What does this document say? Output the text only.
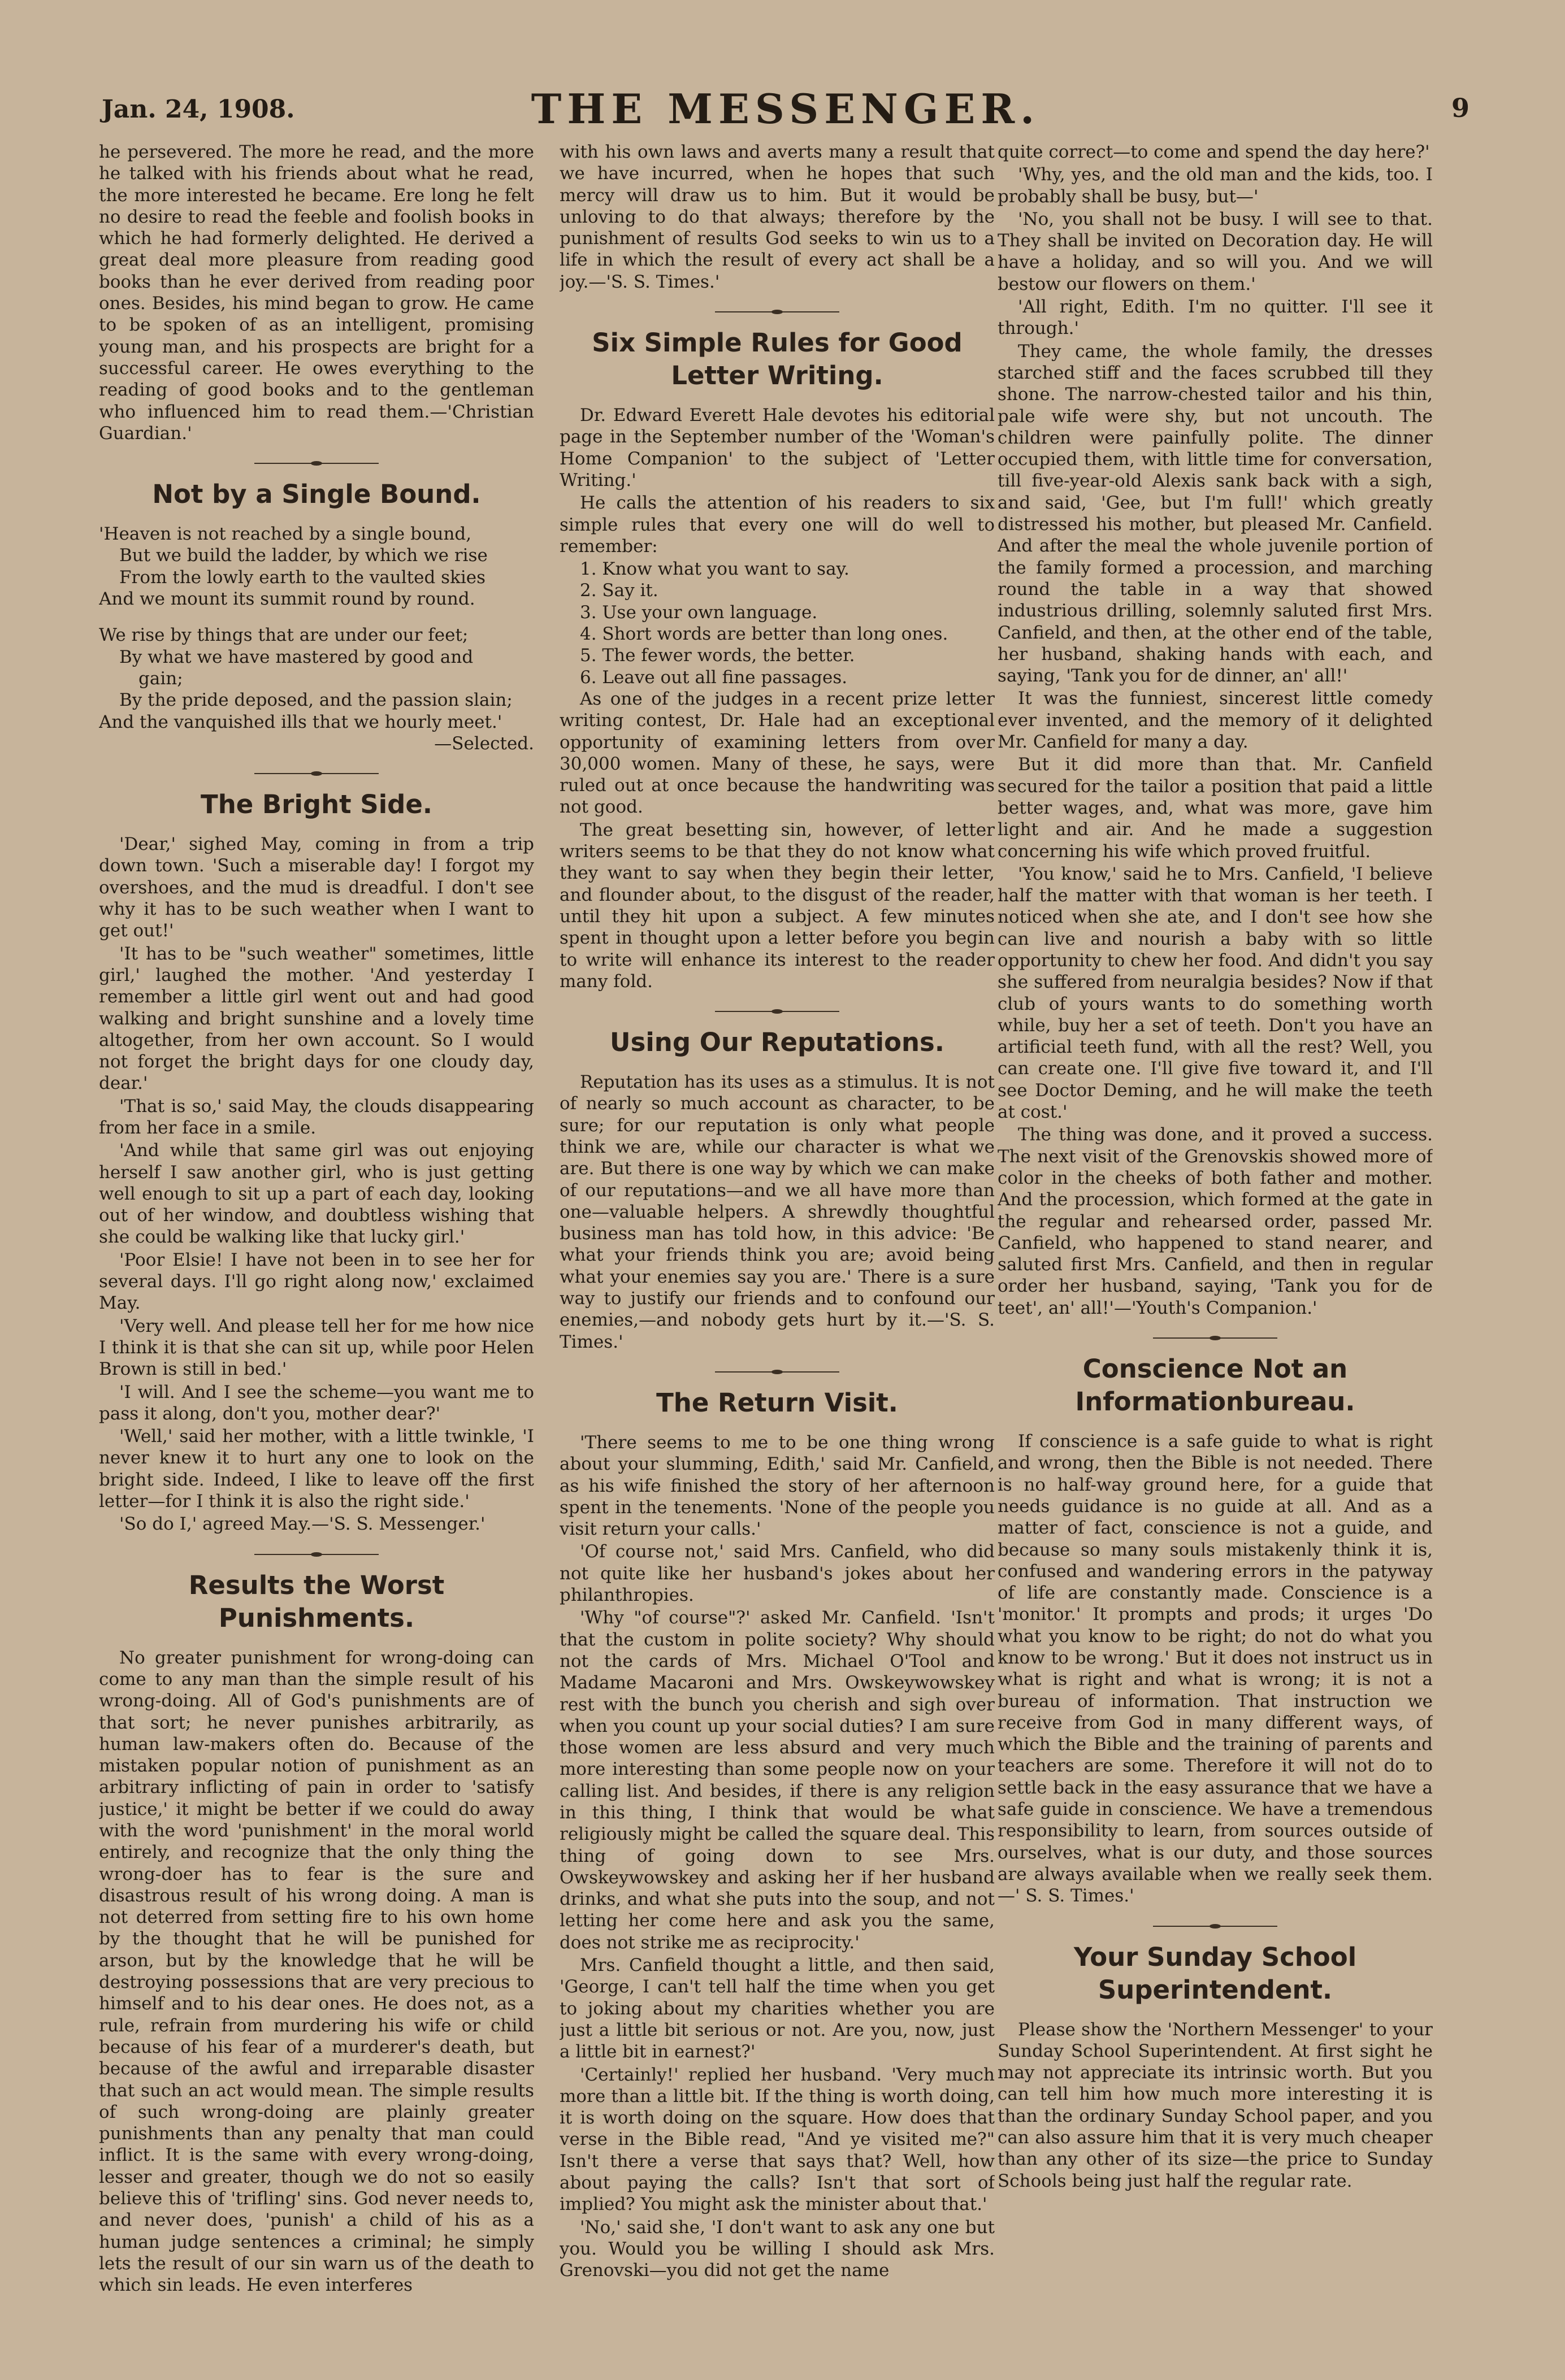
Jan. 24, 1908.	THE MESSENGER.	9

he persevered. The more he read, and the more he talked with his friends about what he read, the more interested he became. Ere long he felt no desire to read the feeble and foolish books in which he had formerly delighted. He derived a great deal more pleasure from reading good books than he ever derived from reading poor ones. Besides, his mind began to grow. He came to be spoken of as an intelligent, promising young man, and his prospects are bright for a successful career. He owes everything to the reading of good books and to the gentleman who influenced him to read them.—'Christian Guardian.'

Not by a Single Bound.
'Heaven is not reached by a single bound,
But we build the ladder, by which we rise
From the lowly earth to the vaulted skies
And we mount its summit round by round.
We rise by things that are under our feet;
By what we have mastered by good and
gain;
By the pride deposed, and the passion slain;
And the vanquished ills that we hourly meet.'
—Selected.
The Bright Side.

'Dear,' sighed May, coming in from a trip down town. 'Such a miserable day! I forgot my overshoes, and the mud is dreadful. I don't see why it has to be such weather when I want to get out!'

'It has to be "such weather" sometimes, little girl,' laughed the mother. 'And yesterday I remember a little girl went out and had good walking and bright sunshine and a lovely time altogether, from her own account. So I would not forget the bright days for one cloudy day, dear.'

'That is so,' said May, the clouds disappearing from her face in a smile.

'And while that same girl was out enjoying herself I saw another girl, who is just getting well enough to sit up a part of each day, looking out of her window, and doubtless wishing that she could be walking like that lucky girl.'

'Poor Elsie! I have not been in to see her for several days. I'll go right along now,' exclaimed May.

'Very well. And please tell her for me how nice I think it is that she can sit up, while poor Helen Brown is still in bed.'

'I will. And I see the scheme—you want me to pass it along, don't you, mother dear?'

'Well,' said her mother, with a little twinkle, 'I never knew it to hurt any one to look on the bright side. Indeed, I like to leave off the first letter—for I think it is also the right side.'

'So do I,' agreed May.—'S. S. Messenger.'

Results the Worst Punishments.

No greater punishment for wrong-doing can come to any man than the simple result of his wrong-doing. All of God's punishments are of that sort; he never punishes arbitrarily, as human law-makers often do. Because of the mistaken popular notion of punishment as an arbitrary inflicting of pain in order to 'satisfy justice,' it might be better if we could do away with the word 'punishment' in the moral world entirely, and recognize that the only thing the wrong-doer has to fear is the sure and disastrous result of his wrong doing. A man is not deterred from setting fire to his own home by the thought that he will be punished for arson, but by the knowledge that he will be destroying possessions that are very precious to himself and to his dear ones. He does not, as a rule, refrain from murdering his wife or child because of his fear of a murderer's death, but because of the awful and irreparable disaster that such an act would mean. The simple results of such wrong-doing are plainly greater punishments than any penalty that man could inflict. It is the same with every wrong-doing, lesser and greater, though we do not so easily believe this of 'trifling' sins. God never needs to, and never does, 'punish' a child of his as a human judge sentences a criminal; he simply lets the result of our sin warn us of the death to which sin leads. He even interferes

with his own laws and averts many a result that we have incurred, when he hopes that such mercy will draw us to him. But it would be unloving to do that always; therefore by the punishment of results God seeks to win us to a life in which the result of every act shall be a joy.—'S. S. Times.'

Six Simple Rules for Good Letter Writing.

Dr. Edward Everett Hale devotes his editorial page in the September number of the 'Woman's Home Companion' to the subject of 'Letter Writing.'

He calls the attention of his readers to six simple rules that every one will do well to remember:

1. Know what you want to say.
2. Say it.
3. Use your own language.
4. Short words are better than long ones.
5. The fewer words, the better.
6. Leave out all fine passages.

As one of the judges in a recent prize letter writing contest, Dr. Hale had an exceptional opportunity of examining letters from over 30,000 women. Many of these, he says, were ruled out at once because the handwriting was not good.

The great besetting sin, however, of letter writers seems to be that they do not know what they want to say when they begin their letter, and flounder about, to the disgust of the reader, until they hit upon a subject. A few minutes spent in thought upon a letter before you begin to write will enhance its interest to the reader many fold.

Using Our Reputations.

Reputation has its uses as a stimulus. It is not of nearly so much account as character, to be sure; for our reputation is only what people think we are, while our character is what we are. But there is one way by which we can make of our reputations—and we all have more than one—valuable helpers. A shrewdly thoughtful business man has told how, in this advice: 'Be what your friends think you are; avoid being what your enemies say you are.' There is a sure way to justify our friends and to confound our enemies,—and nobody gets hurt by it.—'S. S. Times.'

The Return Visit.

'There seems to me to be one thing wrong about your slumming, Edith,' said Mr. Canfield, as his wife finished the story of her afternoon spent in the tenements. 'None of the people you visit return your calls.'

'Of course not,' said Mrs. Canfield, who did not quite like her husband's jokes about her philanthropies.

'Why "of course"?' asked Mr. Canfield. 'Isn't that the custom in polite society? Why should not the cards of Mrs. Michael O'Tool and Madame Macaroni and Mrs. Owskeywowskey rest with the bunch you cherish and sigh over when you count up your social duties? I am sure those women are less absurd and very much more interesting than some people now on your calling list. And besides, if there is any religion in this thing, I think that would be what religiously might be called the square deal. This thing of going down to see Mrs. Owskeywowskey and asking her if her husband drinks, and what she puts into the soup, and not letting her come here and ask you the same, does not strike me as reciprocity.'

Mrs. Canfield thought a little, and then said, 'George, I can't tell half the time when you get to joking about my charities whether you are just a little bit serious or not. Are you, now, just a little bit in earnest?'

'Certainly!' replied her husband. 'Very much more than a little bit. If the thing is worth doing, it is worth doing on the square. How does that verse in the Bible read, "And ye visited me?" Isn't there a verse that says that? Well, how about paying the calls? Isn't that sort of implied? You might ask the minister about that.'

'No,' said she, 'I don't want to ask any one but you. Would you be willing I should ask Mrs. Grenovski—you did not get the name

quite correct—to come and spend the day here?'

'Why, yes, and the old man and the kids, too. I probably shall be busy, but—'

'No, you shall not be busy. I will see to that. They shall be invited on Decoration day. He will have a holiday, and so will you. And we will bestow our flowers on them.'

'All right, Edith. I'm no quitter. I'll see it through.'

They came, the whole family, the dresses starched stiff and the faces scrubbed till they shone. The narrow-chested tailor and his thin, pale wife were shy, but not uncouth. The children were painfully polite. The dinner occupied them, with little time for conversation, till five-year-old Alexis sank back with a sigh, and said, 'Gee, but I'm full!' which greatly distressed his mother, but pleased Mr. Canfield. And after the meal the whole juvenile portion of the family formed a procession, and marching round the table in a way that showed industrious drilling, solemnly saluted first Mrs. Canfield, and then, at the other end of the table, her husband, shaking hands with each, and saying, 'Tank you for de dinner, an' all!'

It was the funniest, sincerest little comedy ever invented, and the memory of it delighted Mr. Canfield for many a day.

But it did more than that. Mr. Canfield secured for the tailor a position that paid a little better wages, and, what was more, gave him light and air. And he made a suggestion concerning his wife which proved fruitful.

'You know,' said he to Mrs. Canfield, 'I believe half the matter with that woman is her teeth. I noticed when she ate, and I don't see how she can live and nourish a baby with so little opportunity to chew her food. And didn't you say she suffered from neuralgia besides? Now if that club of yours wants to do something worth while, buy her a set of teeth. Don't you have an artificial teeth fund, with all the rest? Well, you can create one. I'll give five toward it, and I'll see Doctor Deming, and he will make the teeth at cost.'

The thing was done, and it proved a success. The next visit of the Grenovskis showed more of color in the cheeks of both father and mother. And the procession, which formed at the gate in the regular and rehearsed order, passed Mr. Canfield, who happened to stand nearer, and saluted first Mrs. Canfield, and then in regular order her husband, saying, 'Tank you for de teet', an' all!'—'Youth's Companion.'

Conscience Not an Informationbureau.

If conscience is a safe guide to what is right and wrong, then the Bible is not needed. There is no half-way ground here, for a guide that needs guidance is no guide at all. And as a matter of fact, conscience is not a guide, and because so many souls mistakenly think it is, confused and wandering errors in the patyway of life are constantly made. Conscience is a 'monitor.' It prompts and prods; it urges 'Do what you know to be right; do not do what you know to be wrong.' But it does not instruct us in what is right and what is wrong; it is not a bureau of information. That instruction we receive from God in many different ways, of which the Bible and the training of parents and teachers are some. Therefore it will not do to settle back in the easy assurance that we have a safe guide in conscience. We have a tremendous responsibility to learn, from sources outside of ourselves, what is our duty, and those sources are always available when we really seek them.—' S. S. Times.'

Your Sunday School Superintendent.

Please show the 'Northern Messenger' to your Sunday School Superintendent. At first sight he may not appreciate its intrinsic worth. But you can tell him how much more interesting it is than the ordinary Sunday School paper, and you can also assure him that it is very much cheaper than any other of its size—the price to Sunday Schools being just half the regular rate.
